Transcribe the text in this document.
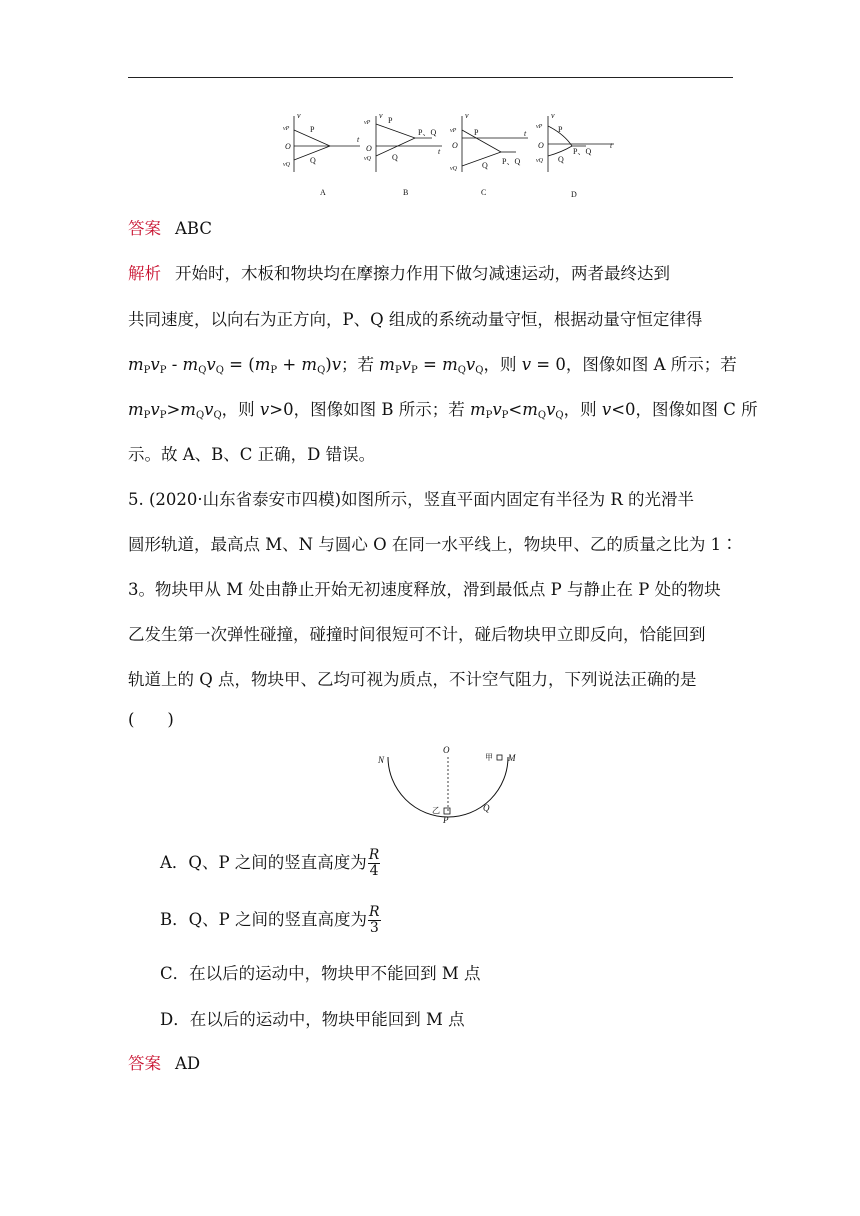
v
t
O
vP
vQ
P
Q
A
v
t
O
vP
vQ
P
Q
P、Q
B
v
t
O
vP
vQ
P
Q P、Q
C
v
t
O
vP
vQ
P
Q
P、Q
D
答案 ABC
解析 开始时，木板和物块均在摩擦力作用下做匀减速运动，两者最终达到
共同速度，以向右为正方向，P、Q 组成的系统动量守恒，根据动量守恒定律得
$m_Pv_P - m_Qv_Q = (m_P + m_Q)v$；若 $m_Pv_P = m_Qv_Q$，则 v = 0，图像如图 A 所示；若
$m_Pv_P>m_Qv_Q$，则 v>0，图像如图 B 所示；若 $m_Pv_P<m_Qv_Q$，则 v<0，图像如图 C 所
示。故 A、B、C 正确，D 错误。
5. (2020·山东省泰安市四模)如图所示，竖直平面内固定有半径为 R 的光滑半
圆形轨道，最高点 M、N 与圆心 O 在同一水平线上，物块甲、乙的质量之比为 1∶
3。物块甲从 M 处由静止开始无初速度释放，滑到最低点 P 与静止在 P 处的物块
乙发生第一次弹性碰撞，碰撞时间很短可不计，碰后物块甲立即反向，恰能回到
轨道上的 Q 点，物块甲、乙均可视为质点，不计空气阻力，下列说法正确的是
(　　)
N
O
甲 M
乙
P
Q
A．Q、P 之间的竖直高度为 $\frac{R}{4}$
B．Q、P 之间的竖直高度为 $\frac{R}{3}$
C．在以后的运动中，物块甲不能回到 M 点
D．在以后的运动中，物块甲能回到 M 点
答案 AD
